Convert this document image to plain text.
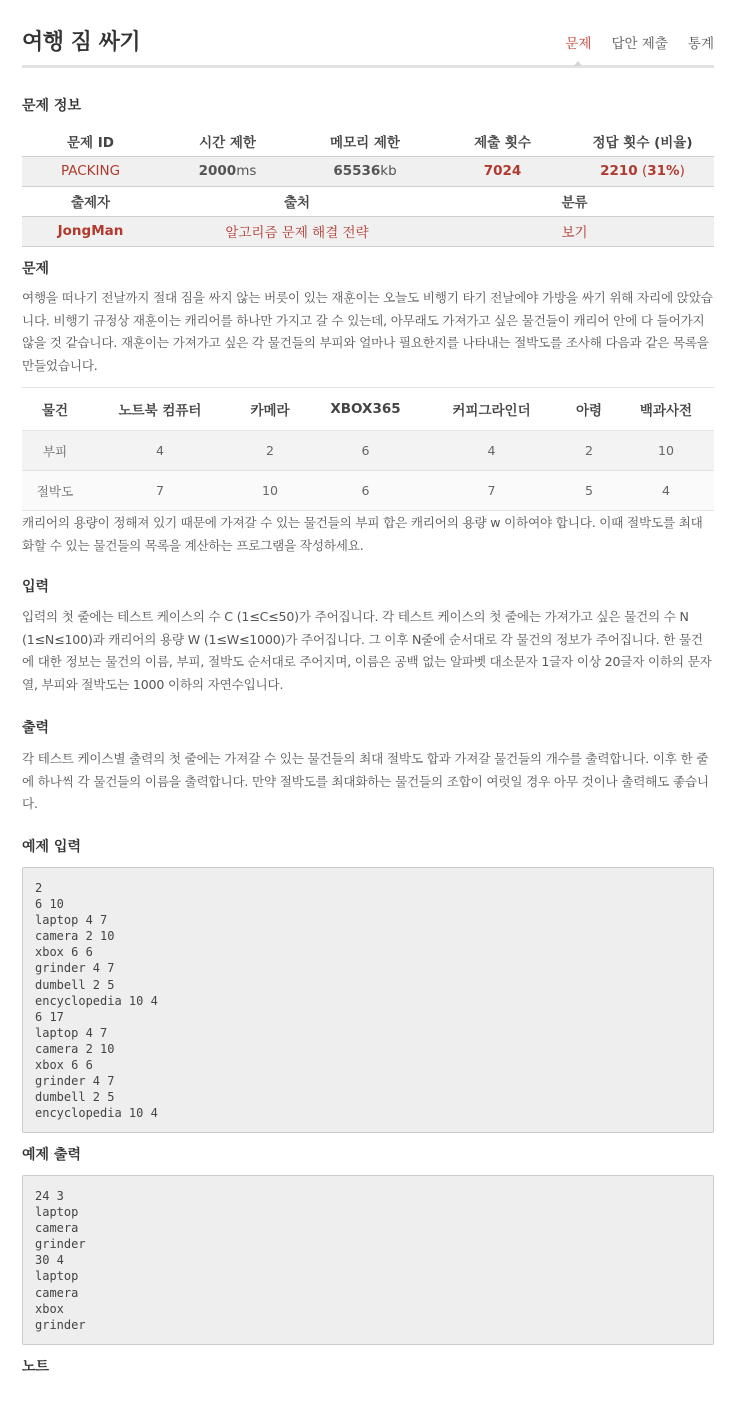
여행 짐 싸기	문제 답안 제출 통계
문제 정보
문제 ID	시간 제한	메모리 제한	제출 횟수	정답 횟수 (비율)
PACKING	2000ms	65536kb	7024	2210 (31%)
출제자	출처	분류
JongMan	알고리즘 문제 해결 전략	보기
문제

여행을 떠나기 전날까지 절대 짐을 싸지 않는 버릇이 있는 재훈이는 오늘도 비행기 타기 전날에야 가방을 싸기 위해 자리에 앉았습니다. 비행기 규정상 재훈이는 캐리어를 하나만 가지고 갈 수 있는데, 아무래도 가져가고 싶은 물건들이 캐리어 안에 다 들어가지 않을 것 같습니다. 재훈이는 가져가고 싶은 각 물건들의 부피와 얼마나 필요한지를 나타내는 절박도를 조사해 다음과 같은 목록을 만들었습니다.

물건	노트북 컴퓨터	카메라	XBOX365	커피그라인더	아령	백과사전
부피	4	2	6	4	2	10
절박도	7	10	6	7	5	4

캐리어의 용량이 정해져 있기 때문에 가져갈 수 있는 물건들의 부피 합은 캐리어의 용량 w 이하여야 합니다. 이때 절박도를 최대화할 수 있는 물건들의 목록을 계산하는 프로그램을 작성하세요.

입력

입력의 첫 줄에는 테스트 케이스의 수 C (1≤C≤50)가 주어집니다. 각 테스트 케이스의 첫 줄에는 가져가고 싶은 물건의 수 N (1≤N≤100)과 캐리어의 용량 W (1≤W≤1000)가 주어집니다. 그 이후 N줄에 순서대로 각 물건의 정보가 주어집니다. 한 물건에 대한 정보는 물건의 이름, 부피, 절박도 순서대로 주어지며, 이름은 공백 없는 알파벳 대소문자 1글자 이상 20글자 이하의 문자열, 부피와 절박도는 1000 이하의 자연수입니다.

출력

각 테스트 케이스별 출력의 첫 줄에는 가져갈 수 있는 물건들의 최대 절박도 합과 가져갈 물건들의 개수를 출력합니다. 이후 한 줄에 하나씩 각 물건들의 이름을 출력합니다. 만약 절박도를 최대화하는 물건들의 조합이 여럿일 경우 아무 것이나 출력해도 좋습니다.

예제 입력
2
6 10
laptop 4 7
camera 2 10
xbox 6 6
grinder 4 7
dumbell 2 5
encyclopedia 10 4
6 17
laptop 4 7
camera 2 10
xbox 6 6
grinder 4 7
dumbell 2 5
encyclopedia 10 4
예제 출력
24 3
laptop
camera
grinder
30 4
laptop
camera
xbox
grinder
노트
